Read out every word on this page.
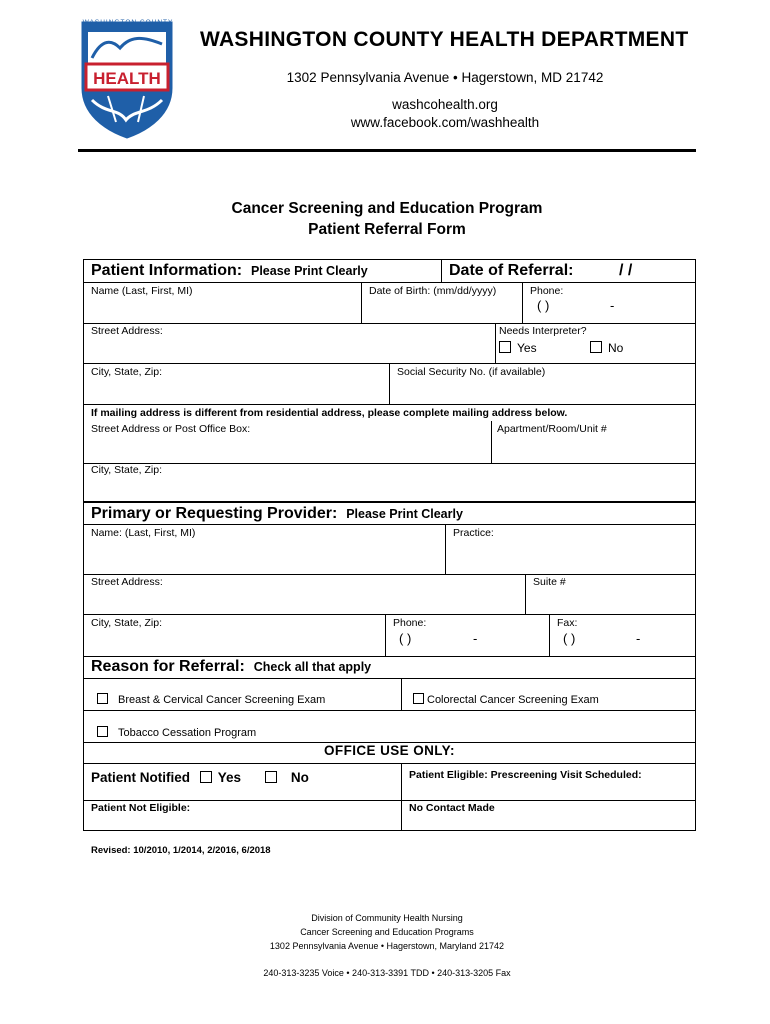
HEALTH
WASHINGTON COUNTY
WASHINGTON COUNTY HEALTH DEPARTMENT
1302 Pennsylvania Avenue • Hagerstown, MD 21742
washcohealth.org
www.facebook.com/washhealth
Cancer Screening and Education Program
Patient Referral Form
Patient Information: Please Print Clearly	Date of Referral:	/ /
Name (Last, First, MI)	Date of Birth: (mm/dd/yyyy)	Phone:
( )	-
Street Address:	Needs Interpreter?
Yes	No
City, State, Zip:	Social Security No. (if available)
If mailing address is different from residential address, please complete mailing address below.
Street Address or Post Office Box:	Apartment/Room/Unit #
City, State, Zip:
Primary or Requesting Provider: Please Print Clearly
Name: (Last, First, MI)	Practice:
Street Address:	Suite #
City, State, Zip:	Phone:
( )	-
Fax:
( )	-
Reason for Referral: Check all that apply
Breast & Cervical Cancer Screening Exam	Colorectal Cancer Screening Exam
Tobacco Cessation Program
OFFICE USE ONLY:
Patient Notified Yes	No	Patient Eligible: Prescreening Visit Scheduled:
Patient Not Eligible:	No Contact Made
Revised: 10/2010, 1/2014, 2/2016, 6/2018
Division of Community Health Nursing
Cancer Screening and Education Programs
1302 Pennsylvania Avenue • Hagerstown, Maryland 21742
240-313-3235 Voice • 240-313-3391 TDD • 240-313-3205 Fax
